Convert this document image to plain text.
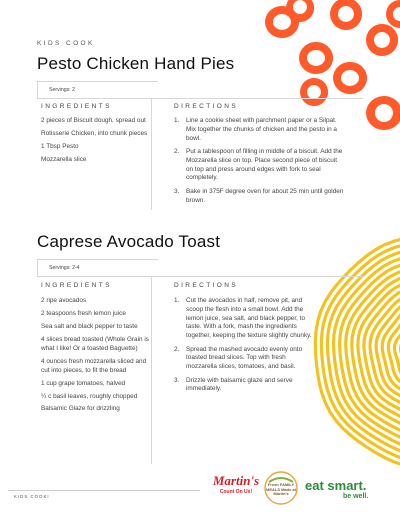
KIDS COOK
Pesto Chicken Hand Pies
Servings: 2
INGREDIENTS	DIRECTIONS
2 pieces of Biscuit dough, spread out
Rotisserie Chicken, into chunk pieces
1 Tbsp Pesto
Mozzarella slice
1. Line a cookie sheet with parchment paper or a Silpat. Mix together the chunks of chicken and the pesto in a bowl.
2. Put a tablespoon of filling in middle of a biscuit. Add the Mozzarella slice on top. Place second piece of biscuit on top and press around edges with fork to seal completely.
3. Bake in 375F degree oven for about 25 min until golden brown.
Caprese Avocado Toast
Servings: 2-4
INGREDIENTS	DIRECTIONS
2 ripe avocados
2 teaspoons fresh lemon juice
Sea salt and black pepper to taste
4 slices bread toasted (Whole Grain is what I like! Or a toasted Baguette)
4 ounces fresh mozzarella sliced and cut into pieces, to fit the bread
1 cup grape tomatoes, halved
¼ c basil leaves, roughly chopped
Balsamic Glaze for drizzling
1. Cut the avocados in half, remove pit, and scoop the flesh into a small bowl. Add the lemon juice, sea salt, and black pepper, to taste. With a fork, mash the ingredients together, keeping the texture slightly chunky.
2. Spread the mashed avocado evenly onto toasted bread slices. Top with fresh mozzarella slices, tomatoes, and basil.
3. Drizzle with balsamic glaze and serve immediately.
KIDS COOK!
Martin's
Count On Us!
Fresh FAMILY MEALS Made at Martin's
eat smart.
be well.
